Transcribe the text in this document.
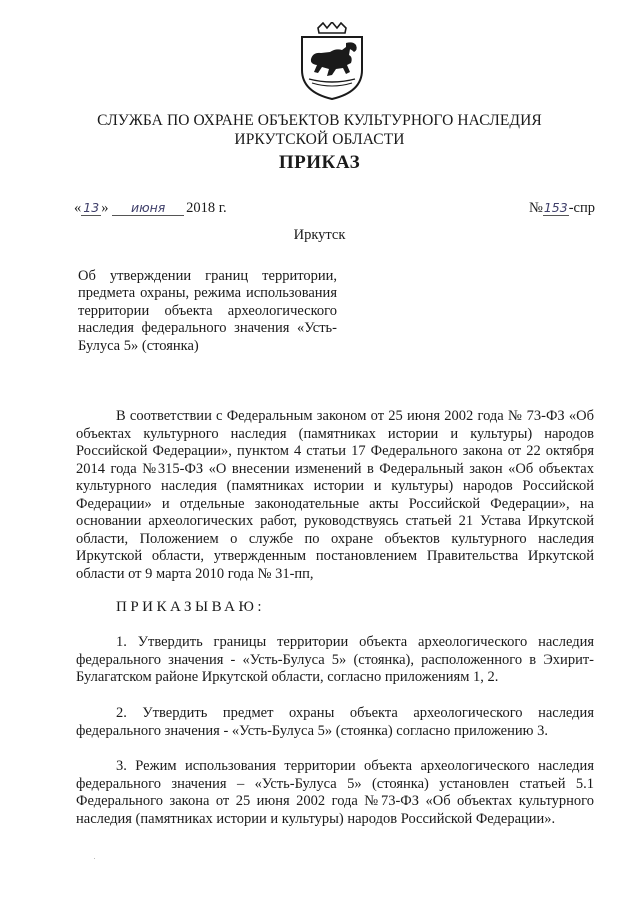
СЛУЖБА ПО ОХРАНЕ ОБЪЕКТОВ КУЛЬТУРНОГО НАСЛЕДИЯ
ИРКУТСКОЙ ОБЛАСТИ
ПРИКАЗ
« 13 » июня 2018 г.	№153-спр
Иркутск
Об утверждении границ территории, предмета охраны, режима использования территории объекта археологического наследия федерального значения «Усть-Булуса 5» (стоянка)
В соответствии с Федеральным законом от 25 июня 2002 года № 73-ФЗ «Об объектах культурного наследия (памятниках истории и культуры) народов Российской Федерации», пунктом 4 статьи 17 Федерального закона от 22 октября 2014 года №315-ФЗ «О внесении изменений в Федеральный закон «Об объектах культурного наследия (памятниках истории и культуры) народов Российской Федерации» и отдельные законодательные акты Российской Федерации», на основании археологических работ, руководствуясь статьей 21 Устава Иркутской области, Положением о службе по охране объектов культурного наследия Иркутской области, утвержденным постановлением Правительства Иркутской области от 9 марта 2010 года № 31-пп,
ПРИКАЗЫВАЮ:
1. Утвердить границы территории объекта археологического наследия федерального значения - «Усть-Булуса 5» (стоянка), расположенного в Эхирит-Булагатском районе Иркутской области, согласно приложениям 1, 2.
2. Утвердить предмет охраны объекта археологического наследия федерального значения - «Усть-Булуса 5» (стоянка) согласно приложению 3.
3. Режим использования территории объекта археологического наследия федерального значения – «Усть-Булуса 5» (стоянка) установлен статьей 5.1 Федерального закона от 25 июня 2002 года №73-ФЗ «Об объектах культурного наследия (памятниках истории и культуры) народов Российской Федерации».
